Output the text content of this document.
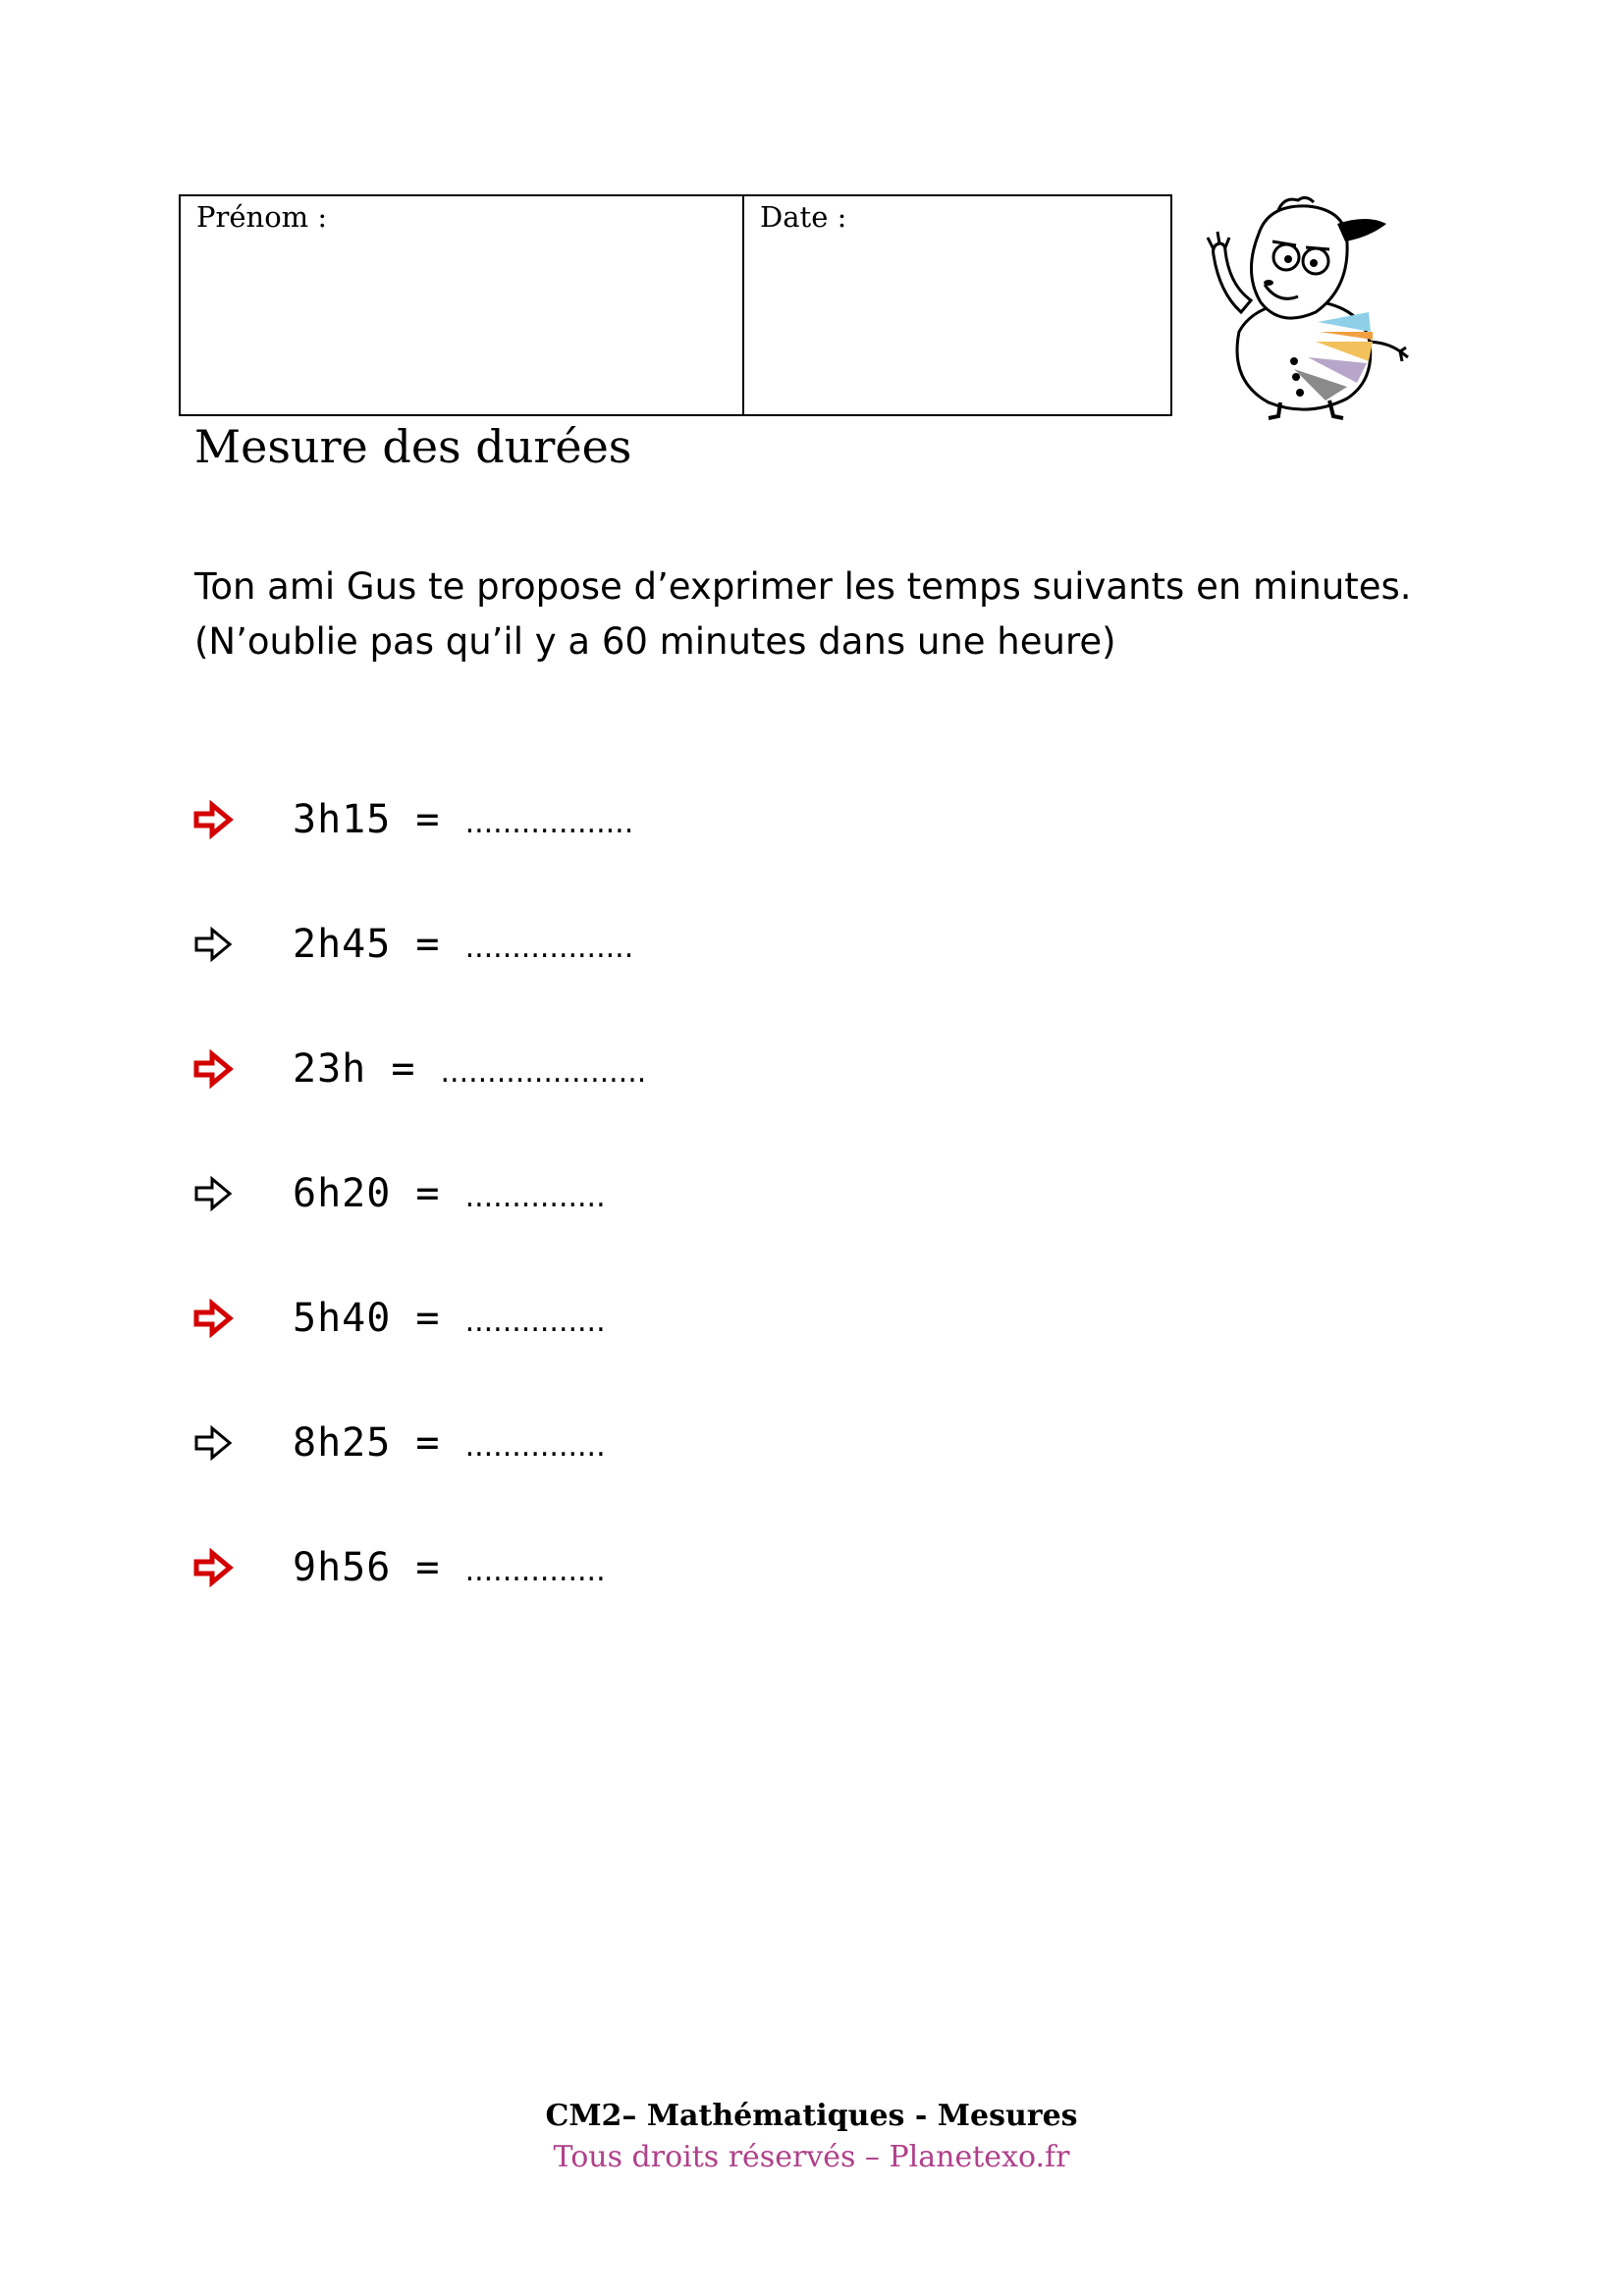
Prénom :	Date :
Mesure des durées

Ton ami Gus te propose d’exprimer les temps suivants en minutes.

(N’oublie pas qu’il y a 60 minutes dans une heure)

3h15 = ..................
2h45 = ..................
23h = ......................
6h20 = ...............
5h40 = ...............
8h25 = ...............
9h56 = ...............
CM2– Mathématiques - Mesures
Tous droits réservés – Planetexo.fr
